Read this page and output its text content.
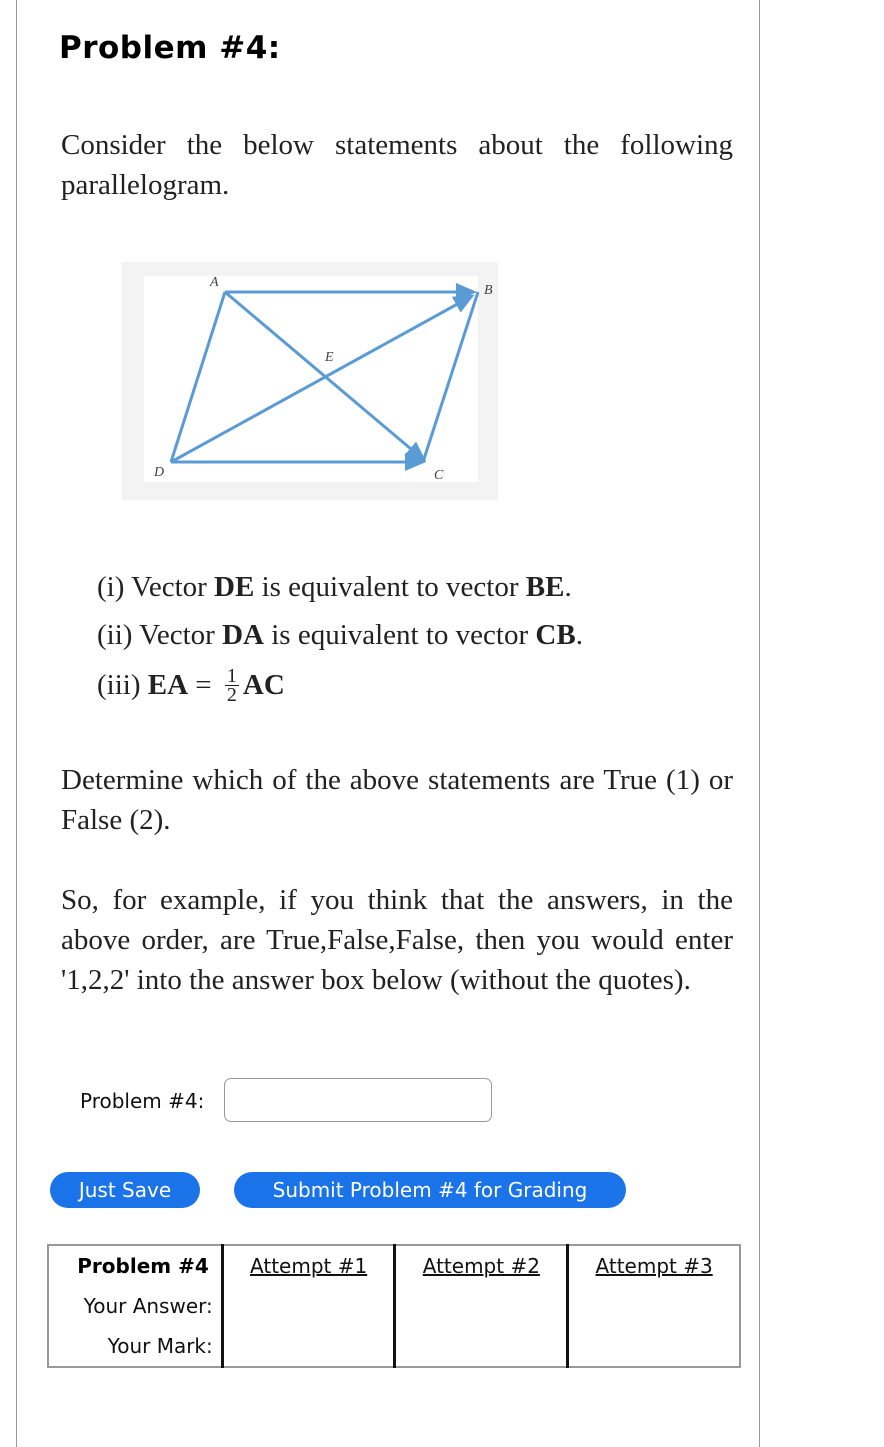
Problem #4:

Consider the below statements about the following parallelogram.

A
B
C
D
E

(i) Vector DE is equivalent to vector BE.

(ii) Vector DA is equivalent to vector CB.

(iii) EA = $\frac{1}{2}$ AC

Determine which of the above statements are True (1) or False (2).

So, for example, if you think that the answers, in the above order, are True,False,False, then you would enter '1,2,2' into the answer box below (without the quotes).

Problem #4:
Just Save	Submit Problem #4 for Grading
Problem #4	Attempt #1	Attempt #2	Attempt #3
Your Answer:			
Your Mark:			
